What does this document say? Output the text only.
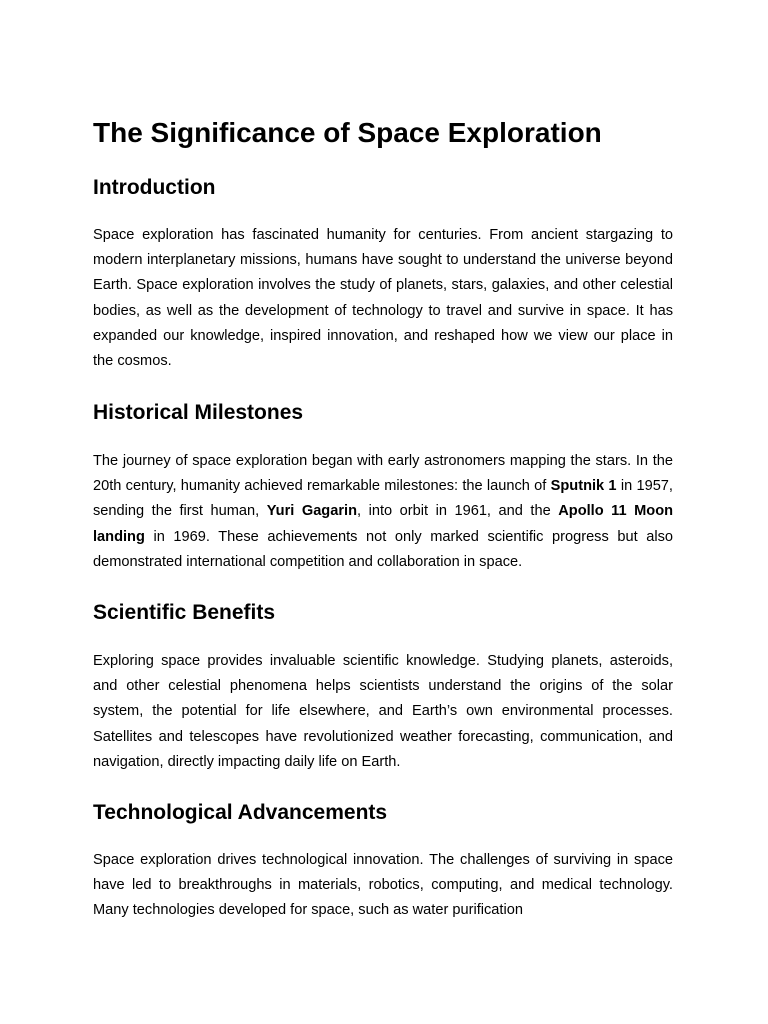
The Significance of Space Exploration
Introduction

Space exploration has fascinated humanity for centuries. From ancient stargazing to modern interplanetary missions, humans have sought to understand the universe beyond Earth. Space exploration involves the study of planets, stars, galaxies, and other celestial bodies, as well as the development of technology to travel and survive in space. It has expanded our knowledge, inspired innovation, and reshaped how we view our place in the cosmos.

Historical Milestones

The journey of space exploration began with early astronomers mapping the stars. In the 20th century, humanity achieved remarkable milestones: the launch of Sputnik 1 in 1957, sending the first human, Yuri Gagarin, into orbit in 1961, and the Apollo 11 Moon landing in 1969. These achievements not only marked scientific progress but also demonstrated international competition and collaboration in space.

Scientific Benefits

Exploring space provides invaluable scientific knowledge. Studying planets, asteroids, and other celestial phenomena helps scientists understand the origins of the solar system, the potential for life elsewhere, and Earth’s own environmental processes. Satellites and telescopes have revolutionized weather forecasting, communication, and navigation, directly impacting daily life on Earth.

Technological Advancements

Space exploration drives technological innovation. The challenges of surviving in space have led to breakthroughs in materials, robotics, computing, and medical technology. Many technologies developed for space, such as water purification
